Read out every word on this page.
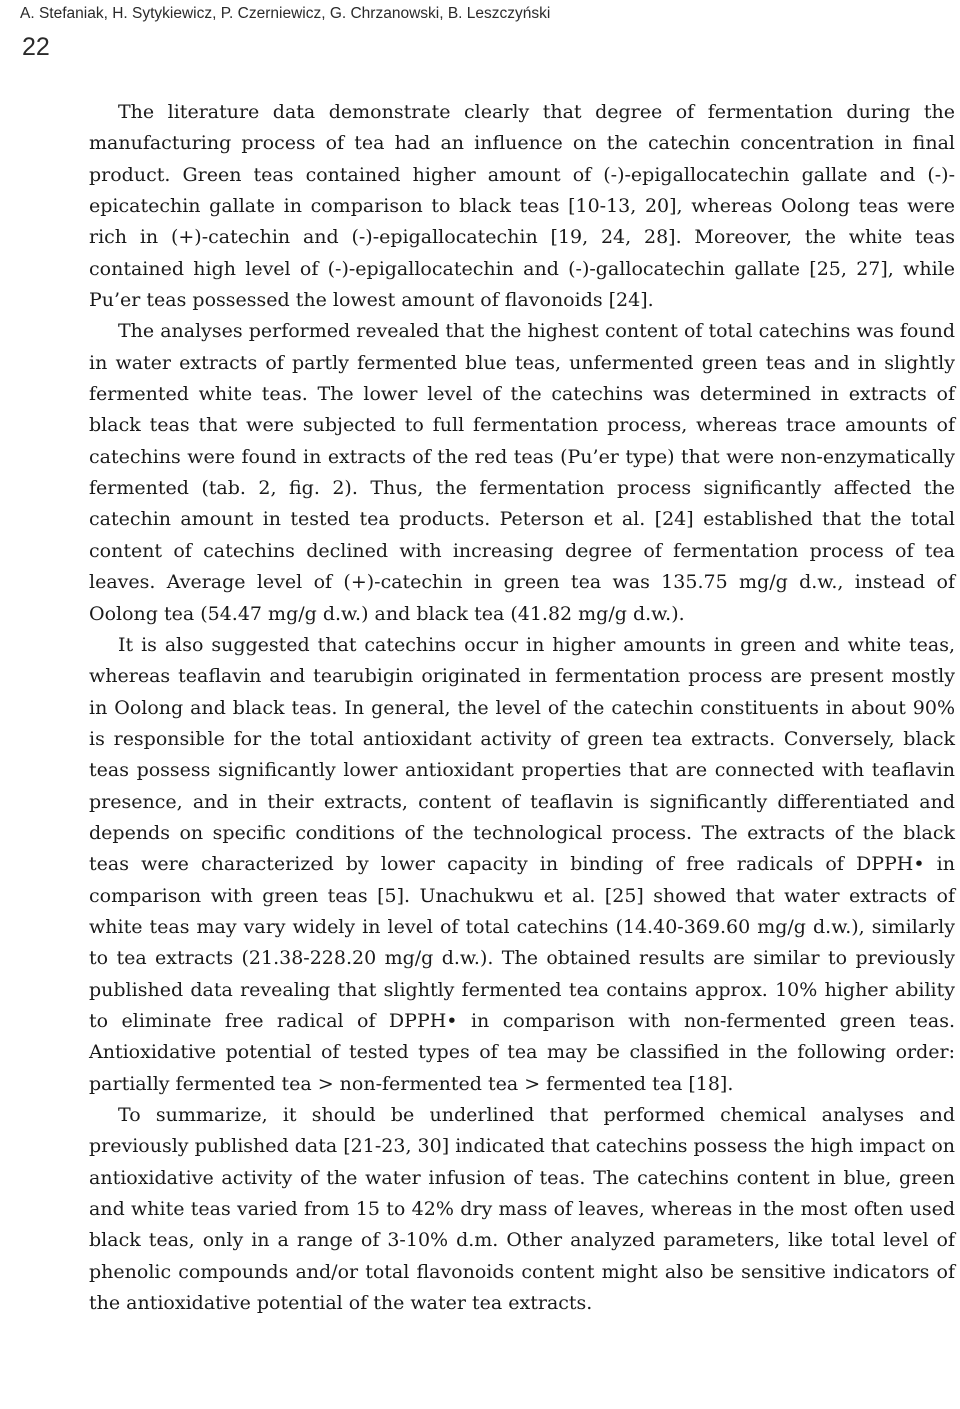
A. Stefaniak, H. Sytykiewicz, P. Czerniewicz, G. Chrzanowski, B. Leszczyński
22

The literature data demonstrate clearly that degree of fermentation during the manufacturing process of tea had an influence on the catechin concentration in final product. Green teas contained higher amount of (-)-epigallocatechin gallate and (-)-epicatechin gallate in comparison to black teas [10-13, 20], whereas Oolong teas were rich in (+)-catechin and (-)-epigallocatechin [19, 24, 28]. Moreover, the white teas contained high level of (-)-epigallocatechin and (-)-gallocatechin gallate [25, 27], while Pu’er teas possessed the lowest amount of flavonoids [24].

The analyses performed revealed that the highest content of total catechins was found in water extracts of partly fermented blue teas, unfermented green teas and in slightly fermented white teas. The lower level of the catechins was determined in extracts of black teas that were subjected to full fermentation process, whereas trace amounts of catechins were found in extracts of the red teas (Pu’er type) that were non-enzymatically fermented (tab. 2, fig. 2). Thus, the fermentation process significantly affected the catechin amount in tested tea products. Peterson et al. [24] established that the total content of catechins declined with increasing degree of fermentation process of tea leaves. Average level of (+)-catechin in green tea was 135.75 mg/g d.w., instead of Oolong tea (54.47 mg/g d.w.) and black tea (41.82 mg/g d.w.).

It is also suggested that catechins occur in higher amounts in green and white teas, whereas teaflavin and tearubigin originated in fermentation process are present mostly in Oolong and black teas. In general, the level of the catechin constituents in about 90% is responsible for the total antioxidant activity of green tea extracts. Conversely, black teas possess significantly lower antioxidant properties that are connected with teaflavin presence, and in their extracts, content of teaflavin is significantly differentiated and depends on specific conditions of the technological process. The extracts of the black teas were characterized by lower capacity in binding of free radicals of DPPH• in comparison with green teas [5]. Unachukwu et al. [25] showed that water extracts of white teas may vary widely in level of total catechins (14.40-369.60 mg/g d.w.), similarly to tea extracts (21.38-228.20 mg/g d.w.). The obtained results are similar to previously published data revealing that slightly fermented tea contains approx. 10% higher ability to eliminate free radical of DPPH• in comparison with non-fermented green teas. Antioxidative potential of tested types of tea may be classified in the following order: partially fermented tea > non-fermented tea > fermented tea [18].

To summarize, it should be underlined that performed chemical analyses and previously published data [21-23, 30] indicated that catechins possess the high impact on antioxidative activity of the water infusion of teas. The catechins content in blue, green and white teas varied from 15 to 42% dry mass of leaves, whereas in the most often used black teas, only in a range of 3-10% d.m. Other analyzed parameters, like total level of phenolic compounds and/or total flavonoids content might also be sensitive indicators of the antioxidative potential of the water tea extracts.
